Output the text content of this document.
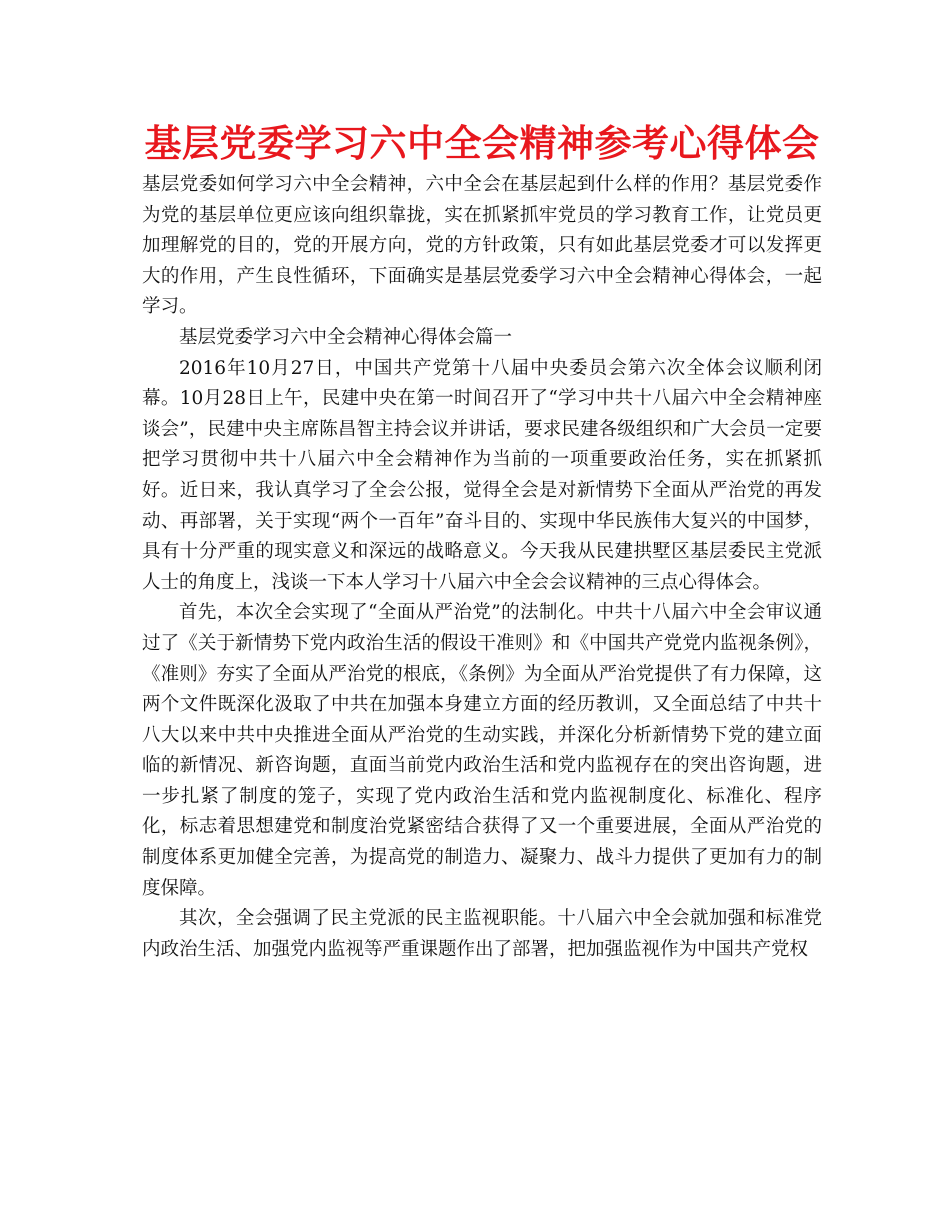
基层党委学习六中全会精神参考心得体会

基层党委如何学习六中全会精神，六中全会在基层起到什么样的作用？基层党委作为党的基层单位更应该向组织靠拢，实在抓紧抓牢党员的学习教育工作，让党员更加理解党的目的，党的开展方向，党的方针政策，只有如此基层党委才可以发挥更大的作用，产生良性循环，下面确实是基层党委学习六中全会精神心得体会，一起学习。

基层党委学习六中全会精神心得体会篇一

2016年10月27日，中国共产党第十八届中央委员会第六次全体会议顺利闭幕。10月28日上午，民建中央在第一时间召开了“学习中共十八届六中全会精神座谈会”，民建中央主席陈昌智主持会议并讲话，要求民建各级组织和广大会员一定要把学习贯彻中共十八届六中全会精神作为当前的一项重要政治任务，实在抓紧抓好。近日来，我认真学习了全会公报，觉得全会是对新情势下全面从严治党的再发动、再部署，关于实现“两个一百年”奋斗目的、实现中华民族伟大复兴的中国梦，具有十分严重的现实意义和深远的战略意义。今天我从民建拱墅区基层委民主党派人士的角度上，浅谈一下本人学习十八届六中全会会议精神的三点心得体会。

首先，本次全会实现了“全面从严治党”的法制化。中共十八届六中全会审议通过了《关于新情势下党内政治生活的假设干准则》和《中国共产党党内监视条例》，《准则》夯实了全面从严治党的根底，《条例》为全面从严治党提供了有力保障，这两个文件既深化汲取了中共在加强本身建立方面的经历教训，又全面总结了中共十八大以来中共中央推进全面从严治党的生动实践，并深化分析新情势下党的建立面临的新情况、新咨询题，直面当前党内政治生活和党内监视存在的突出咨询题，进一步扎紧了制度的笼子，实现了党内政治生活和党内监视制度化、标准化、程序化，标志着思想建党和制度治党紧密结合获得了又一个重要进展，全面从严治党的制度体系更加健全完善，为提高党的制造力、凝聚力、战斗力提供了更加有力的制度保障。

其次，全会强调了民主党派的民主监视职能。十八届六中全会就加强和标准党内政治生活、加强党内监视等严重课题作出了部署，把加强监视作为中国共产党权
